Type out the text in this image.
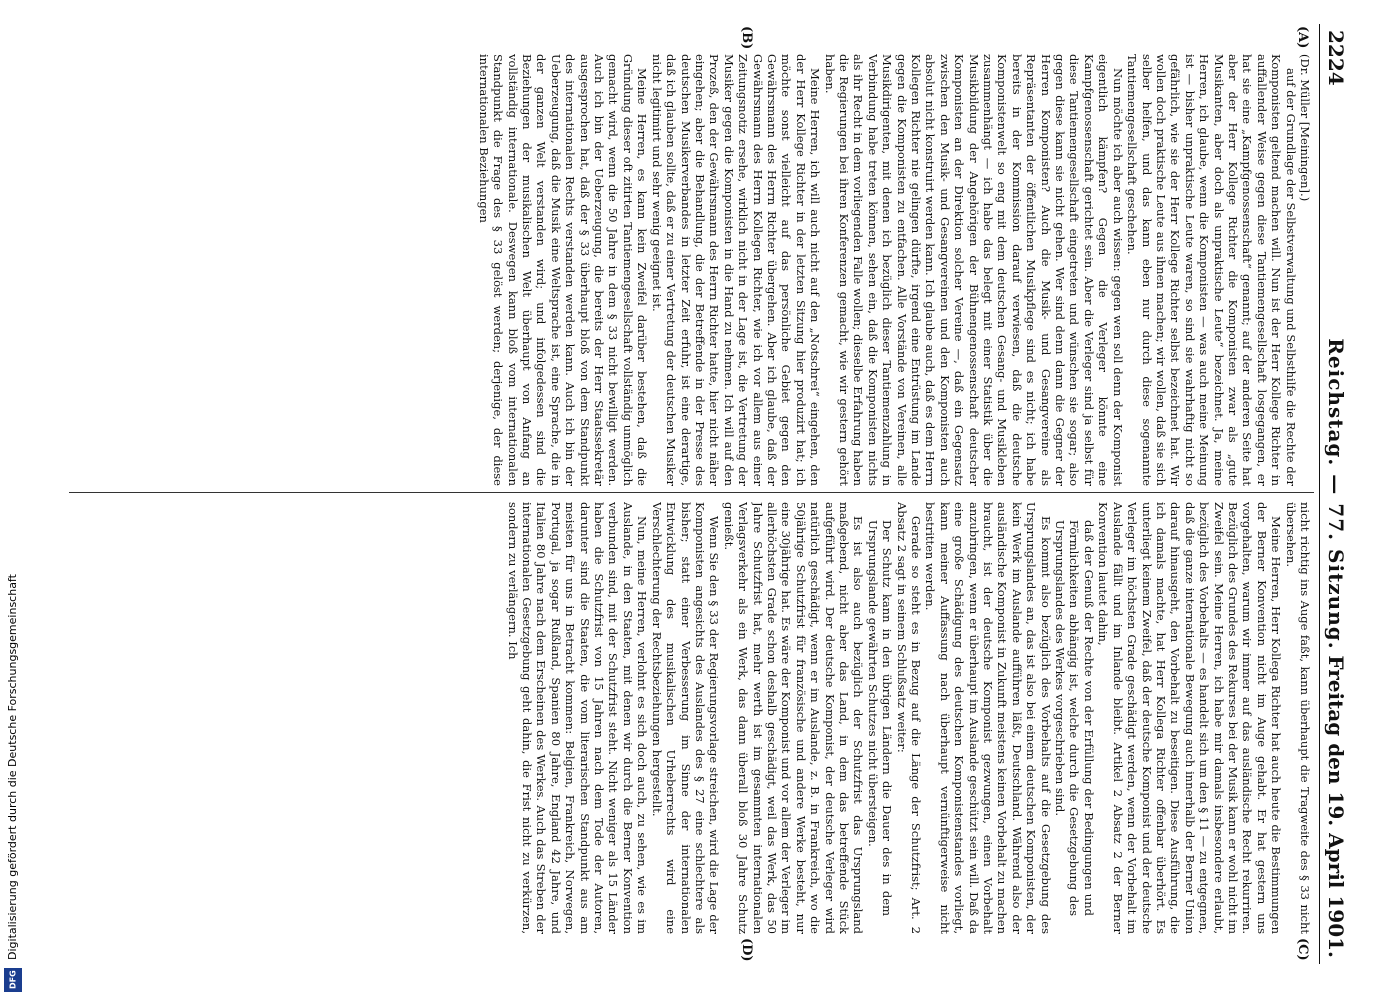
Digitalisierung gefördert durch die Deutsche Forschungsgemeinschaft
DFG
2224
Reichstag. — 77. Sitzung.
Freitag den 19. April 1901.
(A)
(B)
(C)
(D)

(Dr. Müller [Meiningen].)

auf der Grundlage der Selbstverwaltung und Selbsthilfe die Rechte der Komponisten geltend machen will. Nun ist der Herr Kollege Richter in auffallender Weise gegen diese Tantiemengesellschaft losgegangen, er hat sie eine „Kampfgenossenschaft“ genannt; auf der anderen Seite hat aber der Herr Kollege Richter die Komponisten zwar als „gute Musikanten, aber doch als unpraktische Leute“ bezeichnet. Ja, meine Herren, ich glaube, wenn die Komponisten — was auch meine Meinung ist — bisher unpraktische Leute waren, so sind sie wahrhaftig nicht so gefährlich, wie sie der Herr Kollege Richter selbst bezeichnet hat. Wir wollen doch praktische Leute aus ihnen machen; wir wollen, daß sie sich selber helfen, und das kann eben nur durch diese sogenannte Tantiemengesellschaft geschehen.

Nun möchte ich aber auch wissen: gegen wen soll denn der Komponist eigentlich kämpfen? Gegen die Verleger könnte eine Kampfgenossenschaft gerichtet sein. Aber die Verleger sind ja selbst für diese Tantiemengesellschaft eingetreten und wünschen sie sogar; also gegen diese kann sie nicht gehen. Wer sind denn dann die Gegner der Herren Komponisten? Auch die Musik- und Gesangvereine als Repräsentanten der öffentlichen Musikpflege sind es nicht; ich habe bereits in der Kommission darauf verwiesen, daß die deutsche Komponistenwelt so eng mit dem deutschen Gesang- und Musikleben zusammenhängt — ich habe das belegt mit einer Statistik über die Musikbildung der Angehörigen der Bühnengenossenschaft deutscher Komponisten an der Direktion solcher Vereine —, daß ein Gegensatz zwischen den Musik- und Gesangvereinen und den Komponisten auch absolut nicht konstruirt werden kann. Ich glaube auch, daß es dem Herrn Kollegen Richter nie gelingen dürfte, irgend eine Entrüstung im Lande gegen die Komponisten zu entfachen. Alle Vorstände von Vereinen, alle Musikdirigenten, mit denen ich bezüglich dieser Tantiemenzahlung in Verbindung habe treten können, sehen ein, daß die Komponisten nichts als ihr Recht in dem vorliegenden Falle wollen; dieselbe Erfahrung haben die Regierungen bei ihren Konferenzen gemacht, wie wir gestern gehört haben.

Meine Herren, ich will auch nicht auf den „Notschrei“ eingehen, den der Herr Kollege Richter in der letzten Sitzung hier produzirt hat; ich möchte sonst vielleicht auf das persönliche Gebiet gegen den Gewährsmann des Herrn Richter übergehen. Aber ich glaube, daß der Gewährsmann des Herrn Kollegen Richter, wie ich vor allem aus einer Zeitungsnotiz ersehe, wirklich nicht in der Lage ist, die Vertretung der Musiker gegen die Komponisten in die Hand zu nehmen. Ich will auf den Prozeß, den der Gewährsmann des Herrn Richter hatte, hier nicht näher eingehen; aber die Behandlung, die der Betreffende in der Presse des deutschen Musikerverbandes in letzter Zeit erfuhr, ist eine derartige, daß ich glauben sollte, daß er zu einer Vertretung der deutschen Musiker nicht legitimirt und sehr wenig geeignet ist.

Meine Herren, es kann kein Zweifel darüber bestehen, daß die Gründung dieser oft zitirten Tantiemengesellschaft vollständig unmöglich gemacht wird, wenn die 50 Jahre in dem § 33 nicht bewilligt werden. Auch ich bin der Ueberzeugung, die bereits der Herr Staatssekretär ausgesprochen hat, daß der § 33 überhaupt bloß von dem Standpunkt des internationalen Rechts verstanden werden kann. Auch ich bin der Ueberzeugung, daß die Musik eine Weltsprache ist, eine Sprache, die in der ganzen Welt verstanden wird; und infolgedessen sind die Beziehungen der musikalischen Welt überhaupt von Anfang an vollständig internationale. Deswegen kann bloß vom internationalen Standpunkt die Frage des § 33 gelöst werden; derjenige, der diese internationalen Beziehungen

nicht richtig ins Auge faßt, kann überhaupt die Tragweite des § 33 nicht übersehen.

Meine Herren, Herr Kollega Richter hat auch heute die Bestimmungen der Berner Konvention nicht im Auge gehabt. Er hat gestern uns vorgehalten, warum wir immer auf das ausländische Recht rekurriren. Bezüglich des Grundes des Rekurses bei der Musik kann er wohl nicht im Zweifel sein. Meine Herren, ich habe mir damals insbesondere erlaubt, bezüglich des Vorbehalts — es handelt sich um den § 11 — zu entgegnen, daß die ganze internationale Bewegung auch innerhalb der Berner Union darauf hinausgeht, den Vorbehalt zu beseitigen. Diese Ausführung, die ich damals machte, hat Herr Kollega Richter offenbar überhört. Es unterliegt keinem Zweifel, daß der deutsche Komponist und der deutsche Verleger im höchsten Grade geschädigt werden, wenn der Vorbehalt im Auslande fällt und im Inlande bleibt. Artikel 2 Absatz 2 der Berner Konvention lautet dahin,

daß der Genuß der Rechte von der Erfüllung der Bedingungen und Förmlichkeiten abhängig ist, welche durch die Gesetzgebung des Ursprungslandes des Werkes vorgeschrieben sind.

Es kommt also bezüglich des Vorbehalts auf die Gesetzgebung des Ursprungslandes an, das ist also bei einem deutschen Komponisten, der kein Werk im Auslande aufführen läßt, Deutschland. Während also der ausländische Komponist in Zukunft meistens keinen Vorbehalt zu machen braucht, ist der deutsche Komponist gezwungen, einen Vorbehalt anzubringen, wenn er überhaupt im Auslande geschützt sein will. Daß da eine große Schädigung des deutschen Komponistenstandes vorliegt, kann meiner Auffassung nach überhaupt vernünftigerweise nicht bestritten werden.

Gerade so steht es in Bezug auf die Länge der Schutzfrist; Art. 2 Absatz 2 sagt in seinem Schlußsatz weiter:

Der Schutz kann in den übrigen Ländern die Dauer des in dem Ursprungslande gewährten Schutzes nicht übersteigen.

Es ist also auch bezüglich der Schutzfrist das Ursprungsland maßgebend, nicht aber das Land, in dem das betreffende Stück aufgeführt wird. Der deutsche Komponist, der deutsche Verleger wird natürlich geschädigt, wenn er im Auslande, z. B. in Frankreich, wo die 50jährige Schutzfrist für französische und andere Werke besteht, nur eine 30jährige hat. Es wäre der Komponist und vor allem der Verleger im allerhöchsten Grade schon deshalb geschädigt, weil das Werk, das 50 Jahre Schutzfrist hat, mehr werth ist im gesammten internationalen Verlagsverkehr als ein Werk, das dann überall bloß 30 Jahre Schutz genießt.

Wenn Sie den § 33 der Regierungsvorlage streichen, wird die Lage der Komponisten angesichts des Auslandes des § 27 eine schlechtere als bisher; statt einer Verbesserung im Sinne der internationalen Entwicklung des musikalischen Urheberrechts wird eine Verschlechterung der Rechtsbeziehungen hergestellt.

Nun, meine Herren, verlohnt es sich doch auch, zu sehen, wie es im Auslande, in den Staaten, mit denen wir durch die Berner Konvention verbunden sind, mit der Schutzfrist steht. Nicht weniger als 15 Länder haben die Schutzfrist von 15 Jahren nach dem Tode der Autoren, darunter sind die Staaten, die vom literarischen Standpunkt aus am meisten für uns in Betracht kommen: Belgien, Frankreich, Norwegen, Portugal, ja sogar Rußland, Spanien 80 Jahre, England 42 Jahre, und Italien 80 Jahre nach dem Erscheinen des Werkes. Auch das Streben der internationalen Gesetzgebung geht dahin, die Frist nicht zu verkürzen, sondern zu verlängern. Ich
